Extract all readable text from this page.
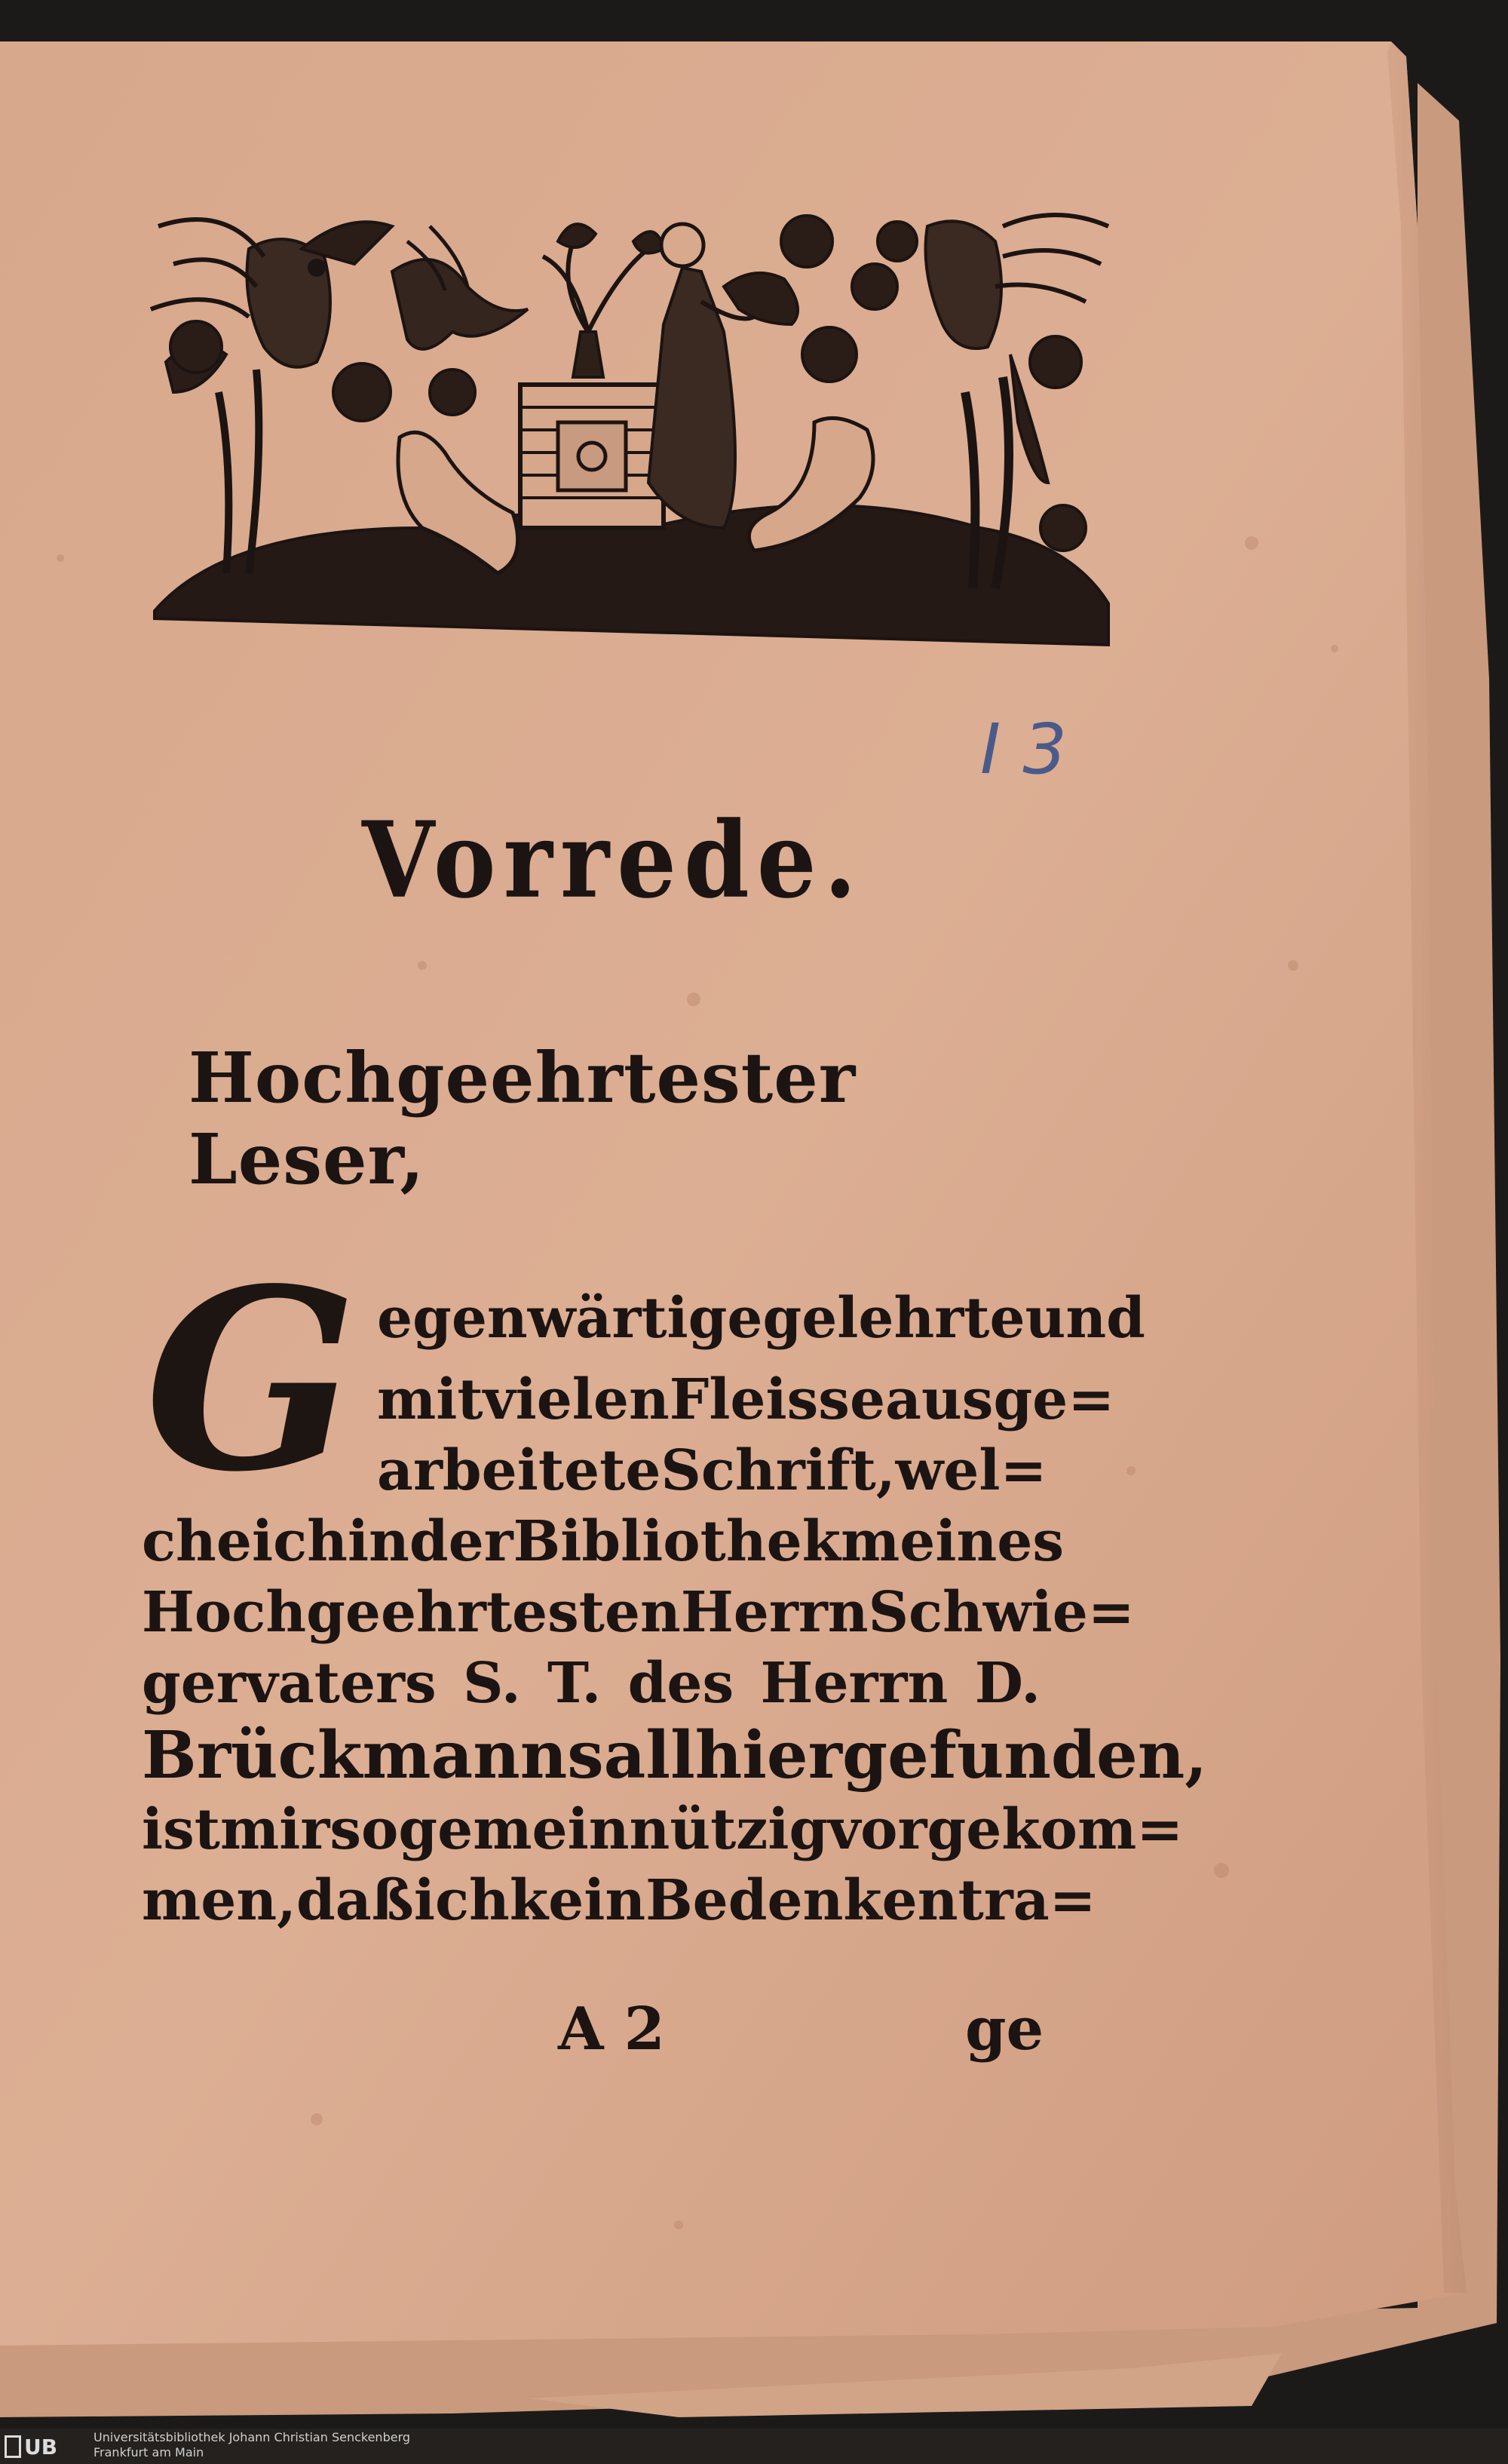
I 3
Vorrede.
Hochgeehrtester Leser,
G egenwärtige gelehrte und
mit vielen Fleisse ausge=
arbeitete Schrift, wel=
che ich in der Bibliothek meines
Hochgeehrtesten Herrn Schwie=
gervaters S. T. des Herrn D.
Brückmanns allhier gefunden,
ist mir so gemeinnützig vorgekom=
men, daß ich kein Bedenken tra=
A 2	ge
UB	Universitätsbibliothek Johann Christian Senckenberg
Frankfurt am Main
